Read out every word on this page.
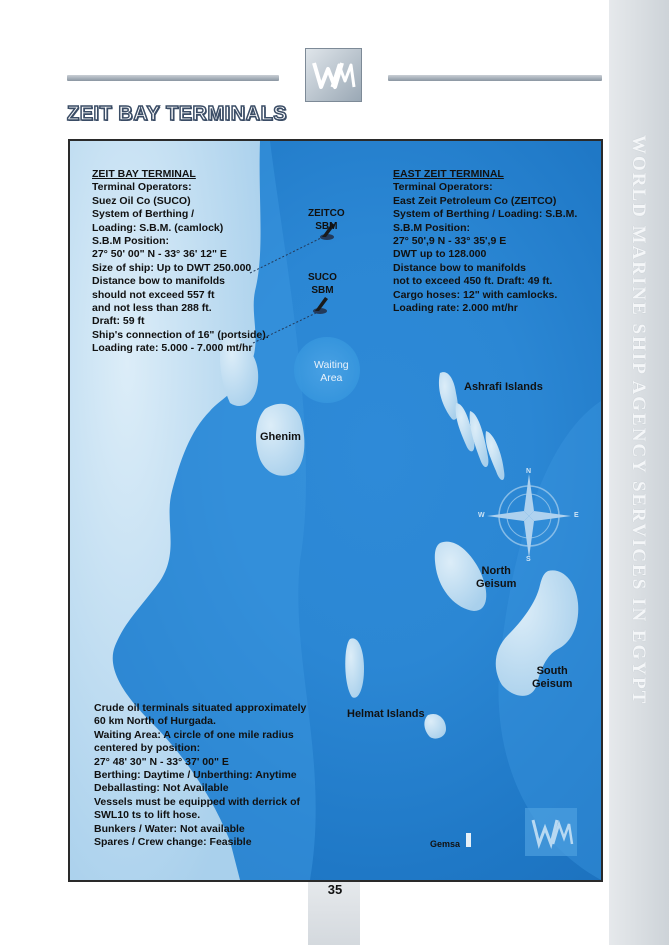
WORLD MARINE SHIP AGENCY SERVICES IN EGYPT
ZEIT BAY TERMINALS
N
S
E
W
ZEIT BAY TERMINAL
Terminal Operators:
Suez Oil Co (SUCO)
System of Berthing /
Loading: S.B.M. (camlock)
S.B.M Position:
27° 50' 00" N - 33° 36' 12" E
Size of ship: Up to DWT 250.000
Distance bow to manifolds
should not exceed 557 ft
and not less than 288 ft.
Draft: 59 ft
Ship's connection of 16" (portside).
Loading rate: 5.000 - 7.000 mt/hr
EAST ZEIT TERMINAL
Terminal Operators:
East Zeit Petroleum Co (ZEITCO)
System of Berthing / Loading: S.B.M.
S.B.M Position:
27° 50',9 N - 33° 35',9 E
DWT up to 128.000
Distance bow to manifolds
not to exceed 450 ft. Draft: 49 ft.
Cargo hoses: 12" with camlocks.
Loading rate: 2.000 mt/hr
Crude oil terminals situated approximately
60 km North of Hurgada.
Waiting Area: A circle of one mile radius
centered by position:
27° 48' 30" N - 33° 37' 00" E
Berthing: Daytime / Unberthing: Anytime
Deballasting: Not Available
Vessels must be equipped with derrick of
SWL10 ts to lift hose.
Bunkers / Water: Not available
Spares / Crew change: Feasible
ZEITCO
SBM
SUCO
SBM
Waiting
Area
Ghenim
Ashrafi Islands
North
Geisum
South
Geisum
Helmat Islands
Gemsa
35
